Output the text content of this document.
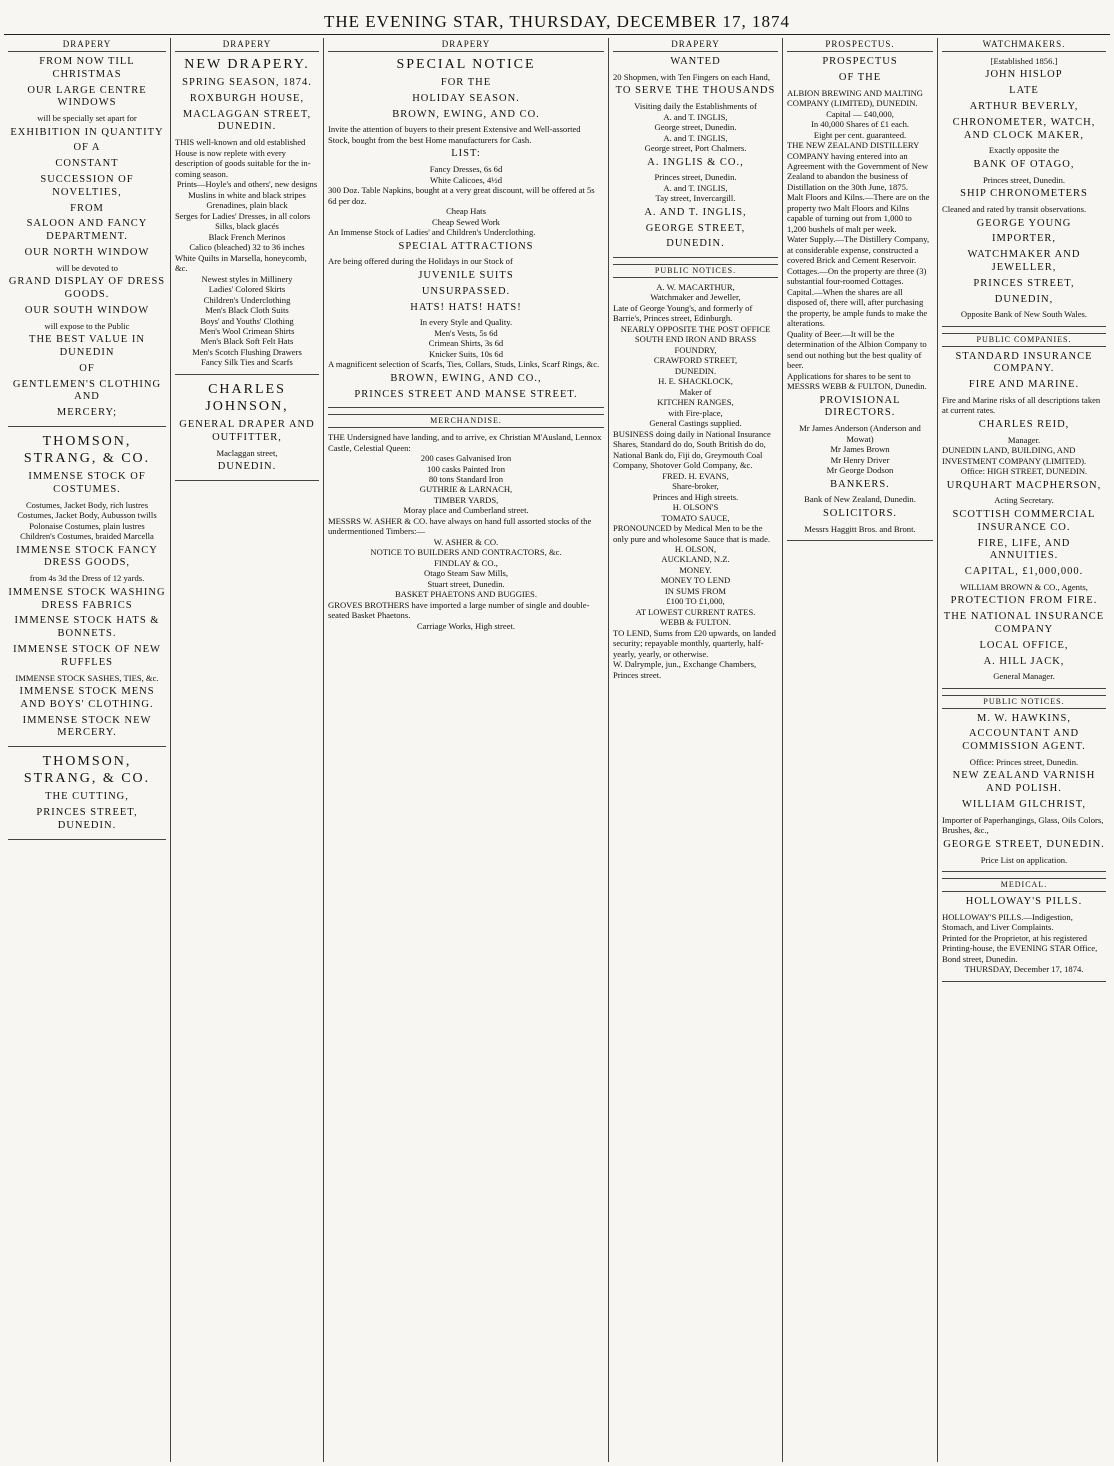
THE EVENING STAR, THURSDAY, DECEMBER 17, 1874
DRAPERY
FROM NOW TILL CHRISTMAS
OUR LARGE CENTRE WINDOWS
will be specially set apart for
EXHIBITION IN QUANTITY
OF A
CONSTANT
SUCCESSION OF NOVELTIES,
FROM
SALOON AND FANCY DEPARTMENT.
OUR NORTH WINDOW
will be devoted to
GRAND DISPLAY OF DRESS GOODS.
OUR SOUTH WINDOW
will expose to the Public
THE BEST VALUE IN DUNEDIN
OF
GENTLEMEN'S CLOTHING AND
MERCERY;
THOMSON, STRANG, & CO.
IMMENSE STOCK OF COSTUMES.
Costumes, Jacket Body, rich lustres
Costumes, Jacket Body, Aubusson twills
Polonaise Costumes, plain lustres
Children's Costumes, braided Marcella
IMMENSE STOCK FANCY DRESS GOODS,
from 4s 3d the Dress of 12 yards.
IMMENSE STOCK WASHING DRESS FABRICS
IMMENSE STOCK HATS & BONNETS.
IMMENSE STOCK OF NEW RUFFLES
IMMENSE STOCK SASHES, TIES, &c.
IMMENSE STOCK MENS AND BOYS' CLOTHING.
IMMENSE STOCK NEW MERCERY.
THOMSON, STRANG, & CO.
THE CUTTING,
PRINCES STREET, DUNEDIN.
DRAPERY
NEW DRAPERY.
SPRING SEASON, 1874.
ROXBURGH HOUSE,
MACLAGGAN STREET, DUNEDIN.
THIS well-known and old established House is now replete with every description of goods suitable for the in-coming season.
Prints—Hoyle's and others', new designs
Muslins in white and black stripes
Grenadines, plain black
Serges for Ladies' Dresses, in all colors
Silks, black glacés
Black French Merinos
Calico (bleached) 32 to 36 inches
White Quilts in Marsella, honeycomb, &c.
Newest styles in Millinery
Ladies' Colored Skirts
Children's Underclothing
Men's Black Cloth Suits
Boys' and Youths' Clothing
Men's Wool Crimean Shirts
Men's Black Soft Felt Hats
Men's Scotch Flushing Drawers
Fancy Silk Ties and Scarfs
CHARLES JOHNSON,
GENERAL DRAPER AND OUTFITTER,
Maclaggan street,
DUNEDIN.
DRAPERY
SPECIAL NOTICE
FOR THE
HOLIDAY SEASON.
BROWN, EWING, AND CO.
Invite the attention of buyers to their present Extensive and Well-assorted Stock, bought from the best Home manufacturers for Cash.
LIST:
Fancy Dresses, 6s 6d
White Calicoes, 4½d
300 Doz. Table Napkins, bought at a very great discount, will be offered at 5s 6d per doz.
Cheap Hats
Cheap Sewed Work
An Immense Stock of Ladies' and Children's Underclothing.
SPECIAL ATTRACTIONS
Are being offered during the Holidays in our Stock of
JUVENILE SUITS
UNSURPASSED.
HATS! HATS! HATS!
In every Style and Quality.
Men's Vests, 5s 6d
Crimean Shirts, 3s 6d
Knicker Suits, 10s 6d
A magnificent selection of Scarfs, Ties, Collars, Studs, Links, Scarf Rings, &c.
BROWN, EWING, AND CO.,
PRINCES STREET AND MANSE STREET.
MERCHANDISE.
THE Undersigned have landing, and to arrive, ex Christian M'Ausland, Lennox Castle, Celestial Queen:
200 cases Galvanised Iron
100 casks Painted Iron
80 tons Standard Iron
GUTHRIE & LARNACH,
TIMBER YARDS,
Moray place and Cumberland street.
MESSRS W. ASHER & CO. have always on hand full assorted stocks of the undermentioned Timbers:—
W. ASHER & CO.
NOTICE TO BUILDERS AND CONTRACTORS, &c.
FINDLAY & CO.,
Otago Steam Saw Mills,
Stuart street, Dunedin.
BASKET PHAETONS AND BUGGIES.
GROVES BROTHERS have imported a large number of single and double-seated Basket Phaetons.
Carriage Works, High street.
DRAPERY
WANTED
20 Shopmen, with Ten Fingers on each Hand,
TO SERVE THE THOUSANDS
Visiting daily the Establishments of
A. and T. INGLIS,
George street, Dunedin.
A. and T. INGLIS,
George street, Port Chalmers.
A. INGLIS & CO.,
Princes street, Dunedin.
A. and T. INGLIS,
Tay street, Invercargill.
A. AND T. INGLIS,
GEORGE STREET,
DUNEDIN.
PUBLIC NOTICES.
A. W. MACARTHUR,
Watchmaker and Jeweller,
Late of George Young's, and formerly of Barrie's, Princes street, Edinburgh.
NEARLY OPPOSITE THE POST OFFICE
SOUTH END IRON AND BRASS FOUNDRY,
CRAWFORD STREET,
DUNEDIN.
H. E. SHACKLOCK,
Maker of
KITCHEN RANGES,
with Fire-place,
General Castings supplied.
BUSINESS doing daily in National Insurance Shares, Standard do do, South British do do, National Bank do, Fiji do, Greymouth Coal Company, Shotover Gold Company, &c.
FRED. H. EVANS,
Share-broker,
Princes and High streets.
H. OLSON'S
TOMATO SAUCE,
PRONOUNCED by Medical Men to be the only pure and wholesome Sauce that is made.
H. OLSON,
AUCKLAND, N.Z.
MONEY.
MONEY TO LEND
IN SUMS FROM
£100 TO £1,000,
AT LOWEST CURRENT RATES.
WEBB & FULTON.
TO LEND, Sums from £20 upwards, on landed security; repayable monthly, quarterly, half-yearly, yearly, or otherwise.
W. Dalrymple, jun., Exchange Chambers, Princes street.
PROSPECTUS.
PROSPECTUS
OF THE
ALBION BREWING AND MALTING COMPANY (LIMITED), DUNEDIN.
Capital — £40,000,
In 40,000 Shares of £1 each.
Eight per cent. guaranteed.
THE NEW ZEALAND DISTILLERY COMPANY having entered into an Agreement with the Government of New Zealand to abandon the business of Distillation on the 30th June, 1875.
Malt Floors and Kilns.—There are on the property two Malt Floors and Kilns capable of turning out from 1,000 to 1,200 bushels of malt per week.
Water Supply.—The Distillery Company, at considerable expense, constructed a covered Brick and Cement Reservoir.
Cottages.—On the property are three (3) substantial four-roomed Cottages.
Capital.—When the shares are all disposed of, there will, after purchasing the property, be ample funds to make the alterations.
Quality of Beer.—It will be the determination of the Albion Company to send out nothing but the best quality of beer.
Applications for shares to be sent to MESSRS WEBB & FULTON, Dunedin.
PROVISIONAL DIRECTORS.
Mr James Anderson (Anderson and Mowat)
Mr James Brown
Mr Henry Driver
Mr George Dodson
BANKERS.
Bank of New Zealand, Dunedin.
SOLICITORS.
Messrs Haggitt Bros. and Bront.
WATCHMAKERS.
[Established 1856.]
JOHN HISLOP
LATE
ARTHUR BEVERLY,
CHRONOMETER, WATCH, AND CLOCK MAKER,
Exactly opposite the
BANK OF OTAGO,
Princes street, Dunedin.
SHIP CHRONOMETERS
Cleaned and rated by transit observations.
GEORGE YOUNG
IMPORTER,
WATCHMAKER AND JEWELLER,
PRINCES STREET,
DUNEDIN,
Opposite Bank of New South Wales.
PUBLIC COMPANIES.
STANDARD INSURANCE COMPANY.
FIRE AND MARINE.
Fire and Marine risks of all descriptions taken at current rates.
CHARLES REID,
Manager.
DUNEDIN LAND, BUILDING, AND INVESTMENT COMPANY (LIMITED).
Office: HIGH STREET, DUNEDIN.
URQUHART MACPHERSON,
Acting Secretary.
SCOTTISH COMMERCIAL INSURANCE CO.
FIRE, LIFE, AND ANNUITIES.
CAPITAL, £1,000,000.
WILLIAM BROWN & CO., Agents,
PROTECTION FROM FIRE.
THE NATIONAL INSURANCE COMPANY
LOCAL OFFICE,
A. HILL JACK,
General Manager.
PUBLIC NOTICES.
M. W. HAWKINS,
ACCOUNTANT AND COMMISSION AGENT.
Office: Princes street, Dunedin.
NEW ZEALAND VARNISH AND POLISH.
WILLIAM GILCHRIST,
Importer of Paperhangings, Glass, Oils Colors, Brushes, &c.,
GEORGE STREET, DUNEDIN.
Price List on application.
MEDICAL.
HOLLOWAY'S PILLS.
HOLLOWAY'S PILLS.—Indigestion, Stomach, and Liver Complaints.
Printed for the Proprietor, at his registered Printing-house, the EVENING STAR Office, Bond street, Dunedin.
THURSDAY, December 17, 1874.
